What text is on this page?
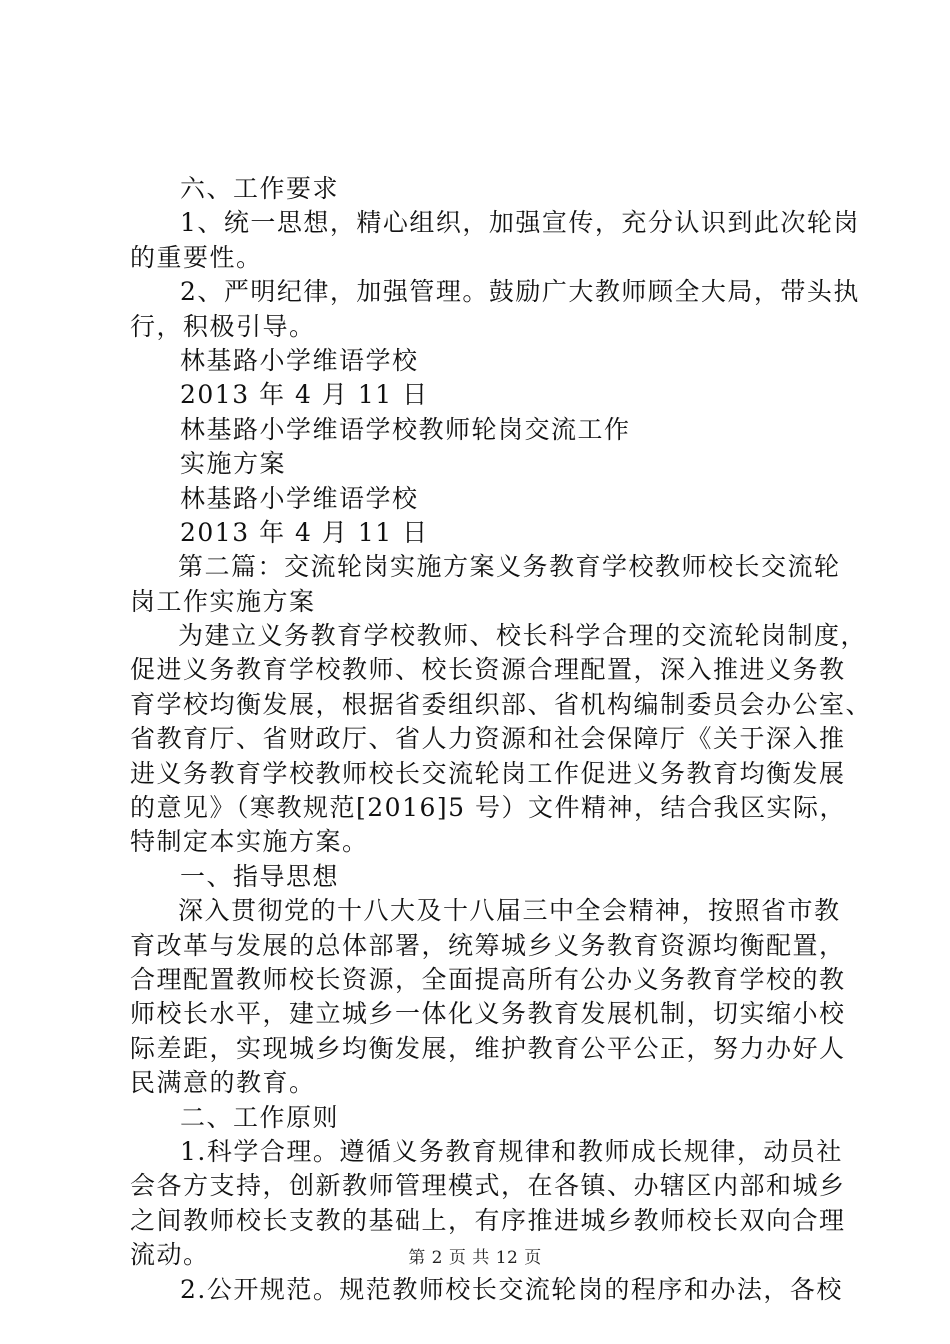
六、工作要求
1、统一思想，精心组织，加强宣传，充分认识到此次轮岗
的重要性。
2、严明纪律，加强管理。鼓励广大教师顾全大局，带头执
行，积极引导。
林基路小学维语学校
2013 年 4 月 11 日
林基路小学维语学校教师轮岗交流工作
实施方案
林基路小学维语学校
2013 年 4 月 11 日
第二篇：交流轮岗实施方案义务教育学校教师校长交流轮
岗工作实施方案
为建立义务教育学校教师、校长科学合理的交流轮岗制度，
促进义务教育学校教师、校长资源合理配置，深入推进义务教
育学校均衡发展，根据省委组织部、省机构编制委员会办公室、
省教育厅、省财政厅、省人力资源和社会保障厅《关于深入推
进义务教育学校教师校长交流轮岗工作促进义务教育均衡发展
的意见》（寒教规范[2016]5 号）文件精神，结合我区实际，
特制定本实施方案。
一、指导思想
深入贯彻党的十八大及十八届三中全会精神，按照省市教
育改革与发展的总体部署，统筹城乡义务教育资源均衡配置，
合理配置教师校长资源，全面提高所有公办义务教育学校的教
师校长水平，建立城乡一体化义务教育发展机制，切实缩小校
际差距，实现城乡均衡发展，维护教育公平公正，努力办好人
民满意的教育。
二、工作原则
1.科学合理。遵循义务教育规律和教师成长规律，动员社
会各方支持，创新教师管理模式，在各镇、办辖区内部和城乡
之间教师校长支教的基础上，有序推进城乡教师校长双向合理
流动。
2.公开规范。规范教师校长交流轮岗的程序和办法，各校
第 2 页 共 12 页
